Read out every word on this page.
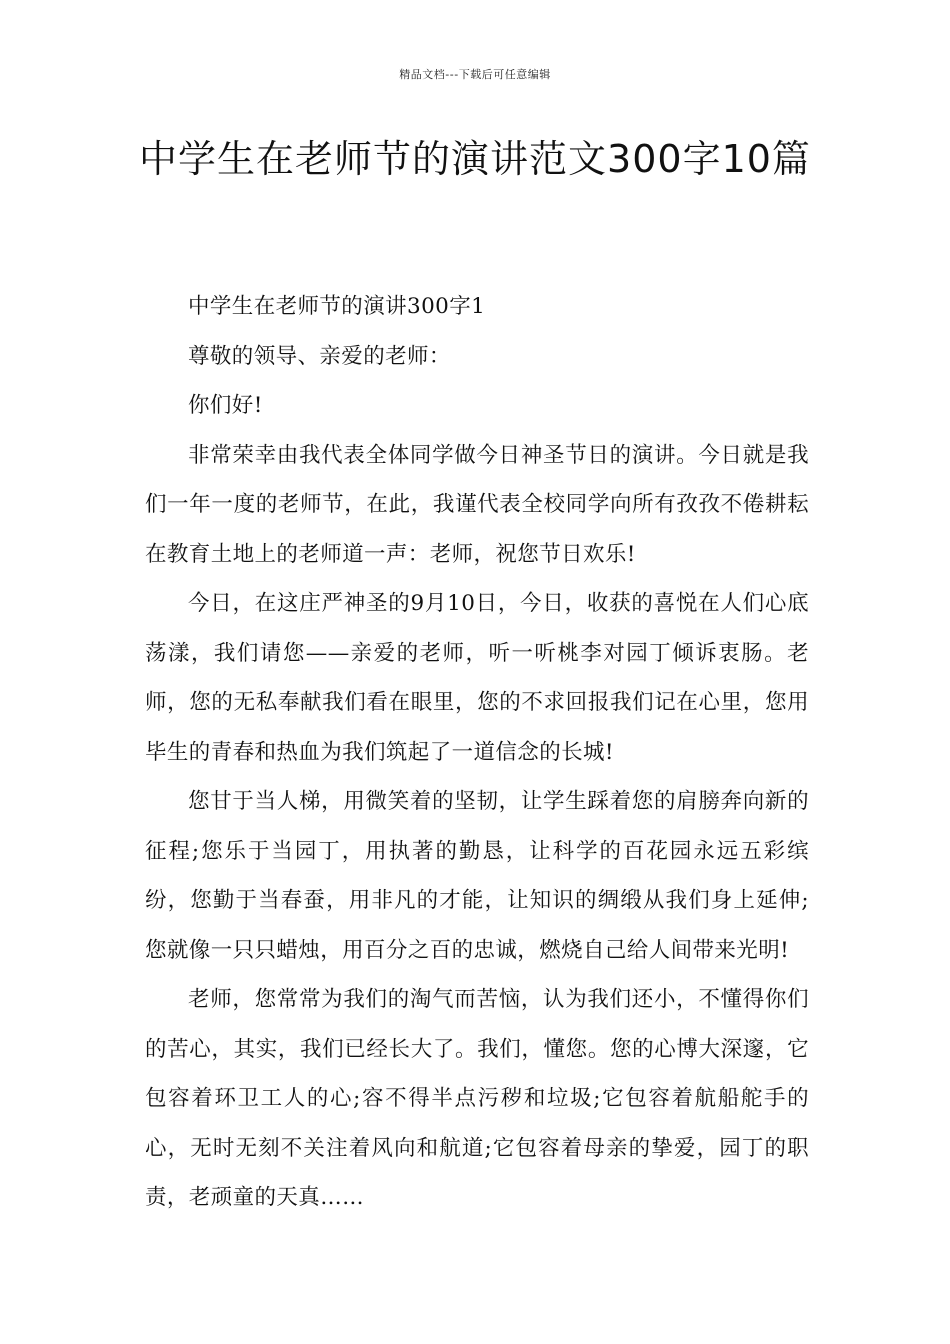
精品文档---下载后可任意编辑
中学生在老师节的演讲范文300字10篇

中学生在老师节的演讲300字1

尊敬的领导、亲爱的老师：

你们好!

非常荣幸由我代表全体同学做今日神圣节日的演讲。今日就是我们一年一度的老师节，在此，我谨代表全校同学向所有孜孜不倦耕耘在教育土地上的老师道一声：老师，祝您节日欢乐!

今日，在这庄严神圣的9月10日，今日，收获的喜悦在人们心底荡漾，我们请您——亲爱的老师，听一听桃李对园丁倾诉衷肠。老师，您的无私奉献我们看在眼里，您的不求回报我们记在心里，您用毕生的青春和热血为我们筑起了一道信念的长城!

您甘于当人梯，用微笑着的坚韧，让学生踩着您的肩膀奔向新的征程;您乐于当园丁，用执著的勤恳，让科学的百花园永远五彩缤纷，您勤于当春蚕，用非凡的才能，让知识的绸缎从我们身上延伸;您就像一只只蜡烛，用百分之百的忠诚，燃烧自己给人间带来光明!

老师，您常常为我们的淘气而苦恼，认为我们还小，不懂得你们的苦心，其实，我们已经长大了。我们，懂您。您的心博大深邃，它包容着环卫工人的心;容不得半点污秽和垃圾;它包容着航船舵手的心，无时无刻不关注着风向和航道;它包容着母亲的挚爱，园丁的职责，老顽童的天真……
